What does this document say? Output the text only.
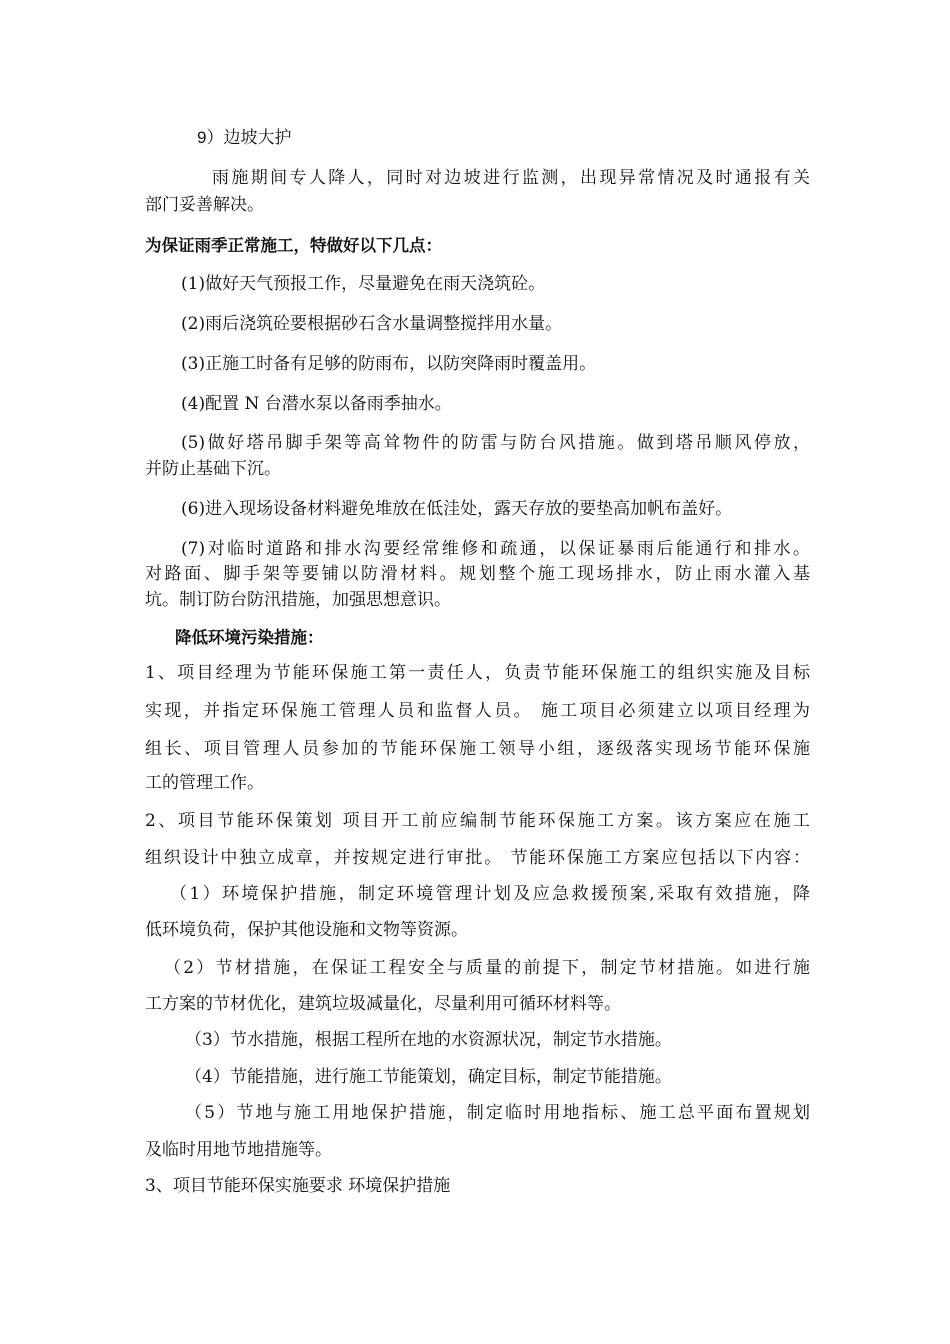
9）边坡大护
雨施期间专人降人，同时对边坡进行监测，出现异常情况及时通报有关
部门妥善解决。
为保证雨季正常施工，特做好以下几点：
(1)做好天气预报工作，尽量避免在雨天浇筑砼。
(2)雨后浇筑砼要根据砂石含水量调整搅拌用水量。
(3)正施工时备有足够的防雨布，以防突降雨时覆盖用。
(4)配置 N 台潜水泵以备雨季抽水。
(5)做好塔吊脚手架等高耸物件的防雷与防台风措施。做到塔吊顺风停放，
并防止基础下沉。
(6)进入现场设备材料避免堆放在低洼处，露天存放的要垫高加帆布盖好。
(7)对临时道路和排水沟要经常维修和疏通，以保证暴雨后能通行和排水。
对路面、脚手架等要铺以防滑材料。规划整个施工现场排水，防止雨水灌入基
坑。制订防台防汛措施，加强思想意识。
降低环境污染措施：
1、项目经理为节能环保施工第一责任人，负责节能环保施工的组织实施及目标
实现，并指定环保施工管理人员和监督人员。 施工项目必须建立以项目经理为
组长、项目管理人员参加的节能环保施工领导小组，逐级落实现场节能环保施
工的管理工作。
2、项目节能环保策划 项目开工前应编制节能环保施工方案。该方案应在施工
组织设计中独立成章，并按规定进行审批。 节能环保施工方案应包括以下内容：
（1）环境保护措施，制定环境管理计划及应急救援预案,采取有效措施，降
低环境负荷，保护其他设施和文物等资源。
（2）节材措施，在保证工程安全与质量的前提下，制定节材措施。如进行施
工方案的节材优化，建筑垃圾减量化，尽量利用可循环材料等。
（3）节水措施，根据工程所在地的水资源状况，制定节水措施。
（4）节能措施，进行施工节能策划，确定目标，制定节能措施。
（5）节地与施工用地保护措施，制定临时用地指标、施工总平面布置规划
及临时用地节地措施等。
3、项目节能环保实施要求 环境保护措施
